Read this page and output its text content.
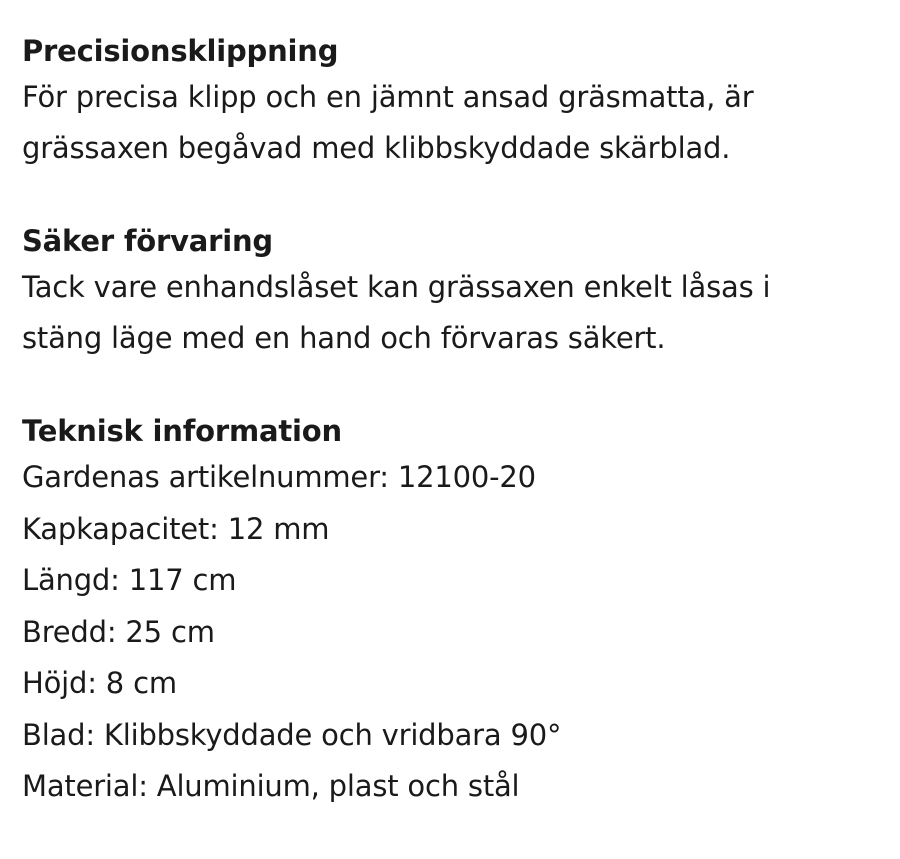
Precisionsklippning

För precisa klipp och en jämnt ansad gräsmatta, är

grässaxen begåvad med klibbskyddade skärblad.

Säker förvaring

Tack vare enhandslåset kan grässaxen enkelt låsas i

stäng läge med en hand och förvaras säkert.

Teknisk information
Gardenas artikelnummer: 12100-20
Kapkapacitet: 12 mm
Längd: 117 cm
Bredd: 25 cm
Höjd: 8 cm
Blad: Klibbskyddade och vridbara 90°
Material: Aluminium, plast och stål
